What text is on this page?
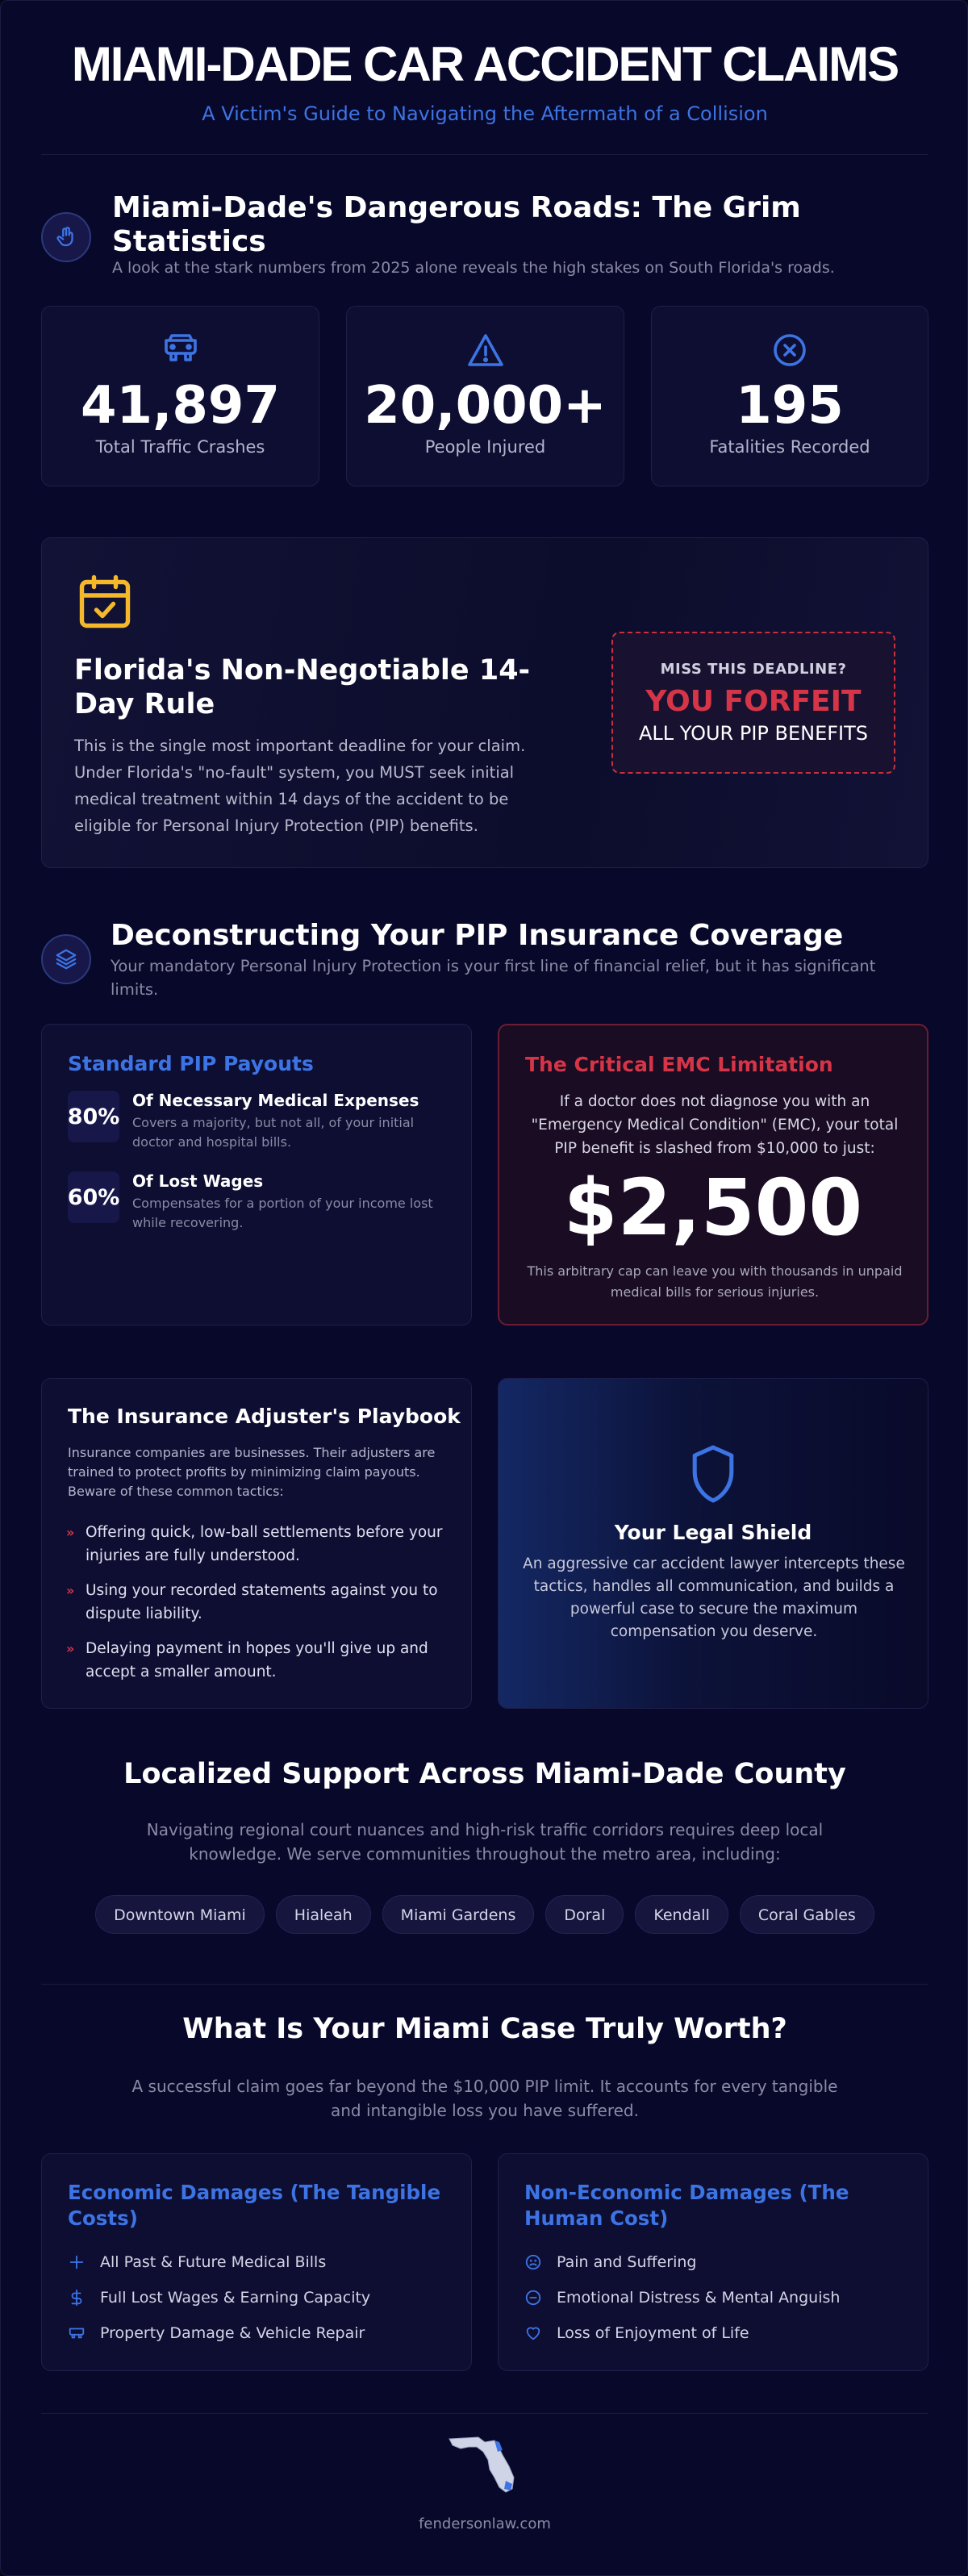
MIAMI-DADE CAR ACCIDENT CLAIMS
A Victim's Guide to Navigating the Aftermath of a Collision
Miami-Dade's Dangerous Roads: The Grim
Statistics
A look at the stark numbers from 2025 alone reveals the high stakes on South Florida's roads.
41,897
Total Traffic Crashes
20,000+
People Injured
195
Fatalities Recorded
Florida's Non-Negotiable 14-
Day Rule
This is the single most important deadline for your claim.
Under Florida's "no-fault" system, you MUST seek initial
medical treatment within 14 days of the accident to be
eligible for Personal Injury Protection (PIP) benefits.
MISS THIS DEADLINE?
YOU FORFEIT
ALL YOUR PIP BENEFITS
Deconstructing Your PIP Insurance Coverage
Your mandatory Personal Injury Protection is your first line of financial relief, but it has significant
limits.
Standard PIP Payouts
80%
Of Necessary Medical Expenses
Covers a majority, but not all, of your initial
doctor and hospital bills.
60%
Of Lost Wages
Compensates for a portion of your income lost
while recovering.
The Critical EMC Limitation
If a doctor does not diagnose you with an
"Emergency Medical Condition" (EMC), your total
PIP benefit is slashed from $10,000 to just:
$2,500
This arbitrary cap can leave you with thousands in unpaid
medical bills for serious injuries.
The Insurance Adjuster's Playbook
Insurance companies are businesses. Their adjusters are
trained to protect profits by minimizing claim payouts.
Beware of these common tactics:
» Offering quick, low-ball settlements before your
injuries are fully understood.
» Using your recorded statements against you to
dispute liability.
» Delaying payment in hopes you'll give up and
accept a smaller amount.
Your Legal Shield
An aggressive car accident lawyer intercepts these
tactics, handles all communication, and builds a
powerful case to secure the maximum
compensation you deserve.
Localized Support Across Miami-Dade County
Navigating regional court nuances and high-risk traffic corridors requires deep local
knowledge. We serve communities throughout the metro area, including:
Downtown Miami	Hialeah	Miami Gardens	Doral	Kendall	Coral Gables
What Is Your Miami Case Truly Worth?
A successful claim goes far beyond the $10,000 PIP limit. It accounts for every tangible
and intangible loss you have suffered.
Economic Damages (The Tangible
Costs)
All Past & Future Medical Bills
Full Lost Wages & Earning Capacity
Property Damage & Vehicle Repair
Non-Economic Damages (The
Human Cost)
Pain and Suffering
Emotional Distress & Mental Anguish
Loss of Enjoyment of Life
fendersonlaw.com
